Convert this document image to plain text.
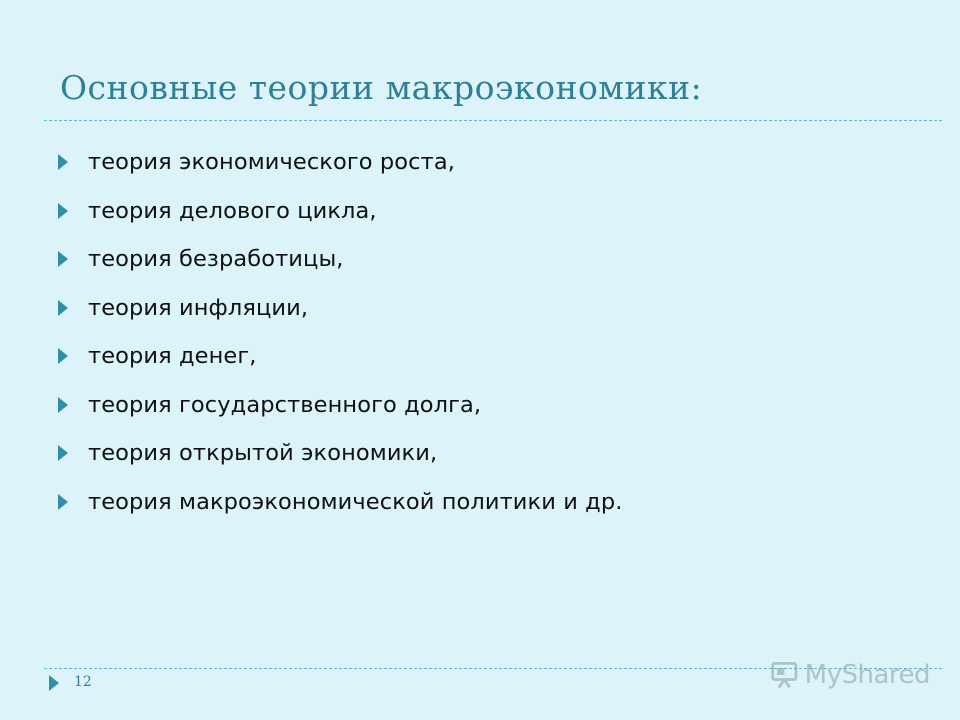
Основные теории макроэкономики:
теория экономического роста,
теория делового цикла,
теория безработицы,
теория инфляции,
теория денег,
теория государственного долга,
теория открытой экономики,
теория макроэкономической политики и др.
12	MyShared
